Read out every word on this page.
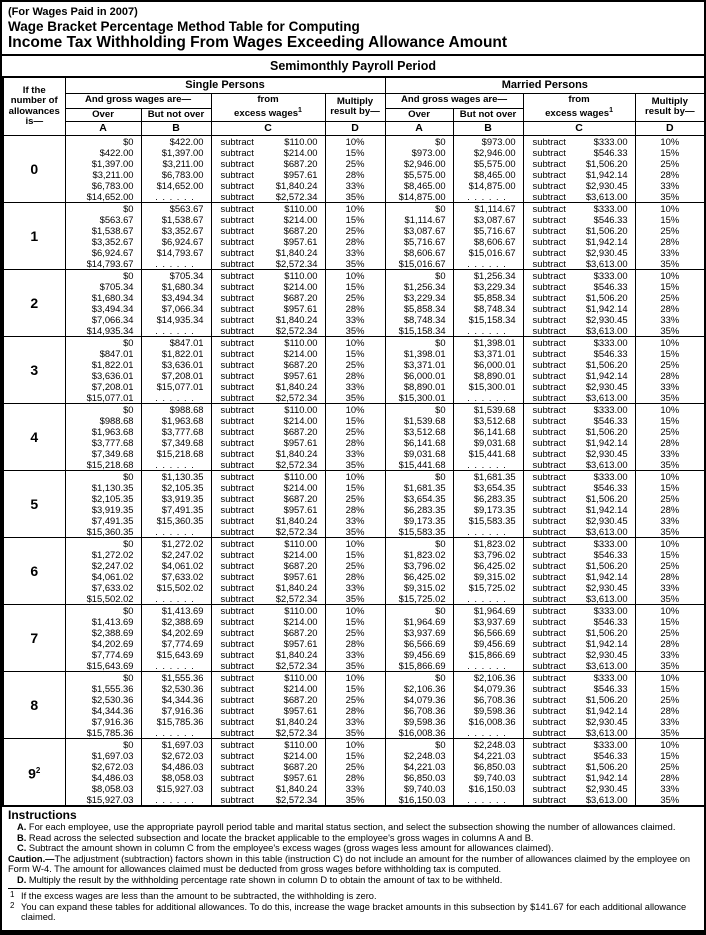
(For Wages Paid in 2007)
Wage Bracket Percentage Method Table for Computing
Income Tax Withholding From Wages Exceeding Allowance Amount
Semimonthly Payroll Period
If the number of allowances is—	Single Persons				Married Persons			
And gross wages are—	from
excess wages$^1$
	Multiply result by—	And gross wages are—	from
excess wages$^1$
	Multiply result by—
	Over	But not over			Over	But not over		
	A	B	C	D	A	B	C	D
0	$0	$422.00	subtract $110.00	10%	$0	$973.00	subtract $333.00	10%
	$422.00	$1,397.00	subtract $214.00	15%	$973.00	$2,946.00	subtract $546.33	15%
	$1,397.00	$3,211.00	subtract $687.20	25%	$2,946.00	$5,575.00	subtract $1,506.20	25%
	$3,211.00	$6,783.00	subtract $957.61	28%	$5,575.00	$8,465.00	subtract $1,942.14	28%
	$6,783.00	$14,652.00	subtract $1,840.24	33%	$8,465.00	$14,875.00	subtract $2,930.45	33%
	$14,652.00	. . . . . .	subtract $2,572.34	35%	$14,875.00	. . . . . .	subtract $3,613.00	35%
1	$0	$563.67	subtract $110.00	10%	$0	$1,114.67	subtract $333.00	10%
	$563.67	$1,538.67	subtract $214.00	15%	$1,114.67	$3,087.67	subtract $546.33	15%
	$1,538.67	$3,352.67	subtract $687.20	25%	$3,087.67	$5,716.67	subtract $1,506.20	25%
	$3,352.67	$6,924.67	subtract $957.61	28%	$5,716.67	$8,606.67	subtract $1,942.14	28%
	$6,924.67	$14,793.67	subtract $1,840.24	33%	$8,606.67	$15,016.67	subtract $2,930.45	33%
	$14,793.67	. . . . . .	subtract $2,572.34	35%	$15,016.67	. . . . . .	subtract $3,613.00	35%
2	$0	$705.34	subtract $110.00	10%	$0	$1,256.34	subtract $333.00	10%
	$705.34	$1,680.34	subtract $214.00	15%	$1,256.34	$3,229.34	subtract $546.33	15%
	$1,680.34	$3,494.34	subtract $687.20	25%	$3,229.34	$5,858.34	subtract $1,506.20	25%
	$3,494.34	$7,066.34	subtract $957.61	28%	$5,858.34	$8,748.34	subtract $1,942.14	28%
	$7,066.34	$14,935.34	subtract $1,840.24	33%	$8,748.34	$15,158.34	subtract $2,930.45	33%
	$14,935.34	. . . . . .	subtract $2,572.34	35%	$15,158.34	. . . . . .	subtract $3,613.00	35%
3	$0	$847.01	subtract $110.00	10%	$0	$1,398.01	subtract $333.00	10%
	$847.01	$1,822.01	subtract $214.00	15%	$1,398.01	$3,371.01	subtract $546.33	15%
	$1,822.01	$3,636.01	subtract $687.20	25%	$3,371.01	$6,000.01	subtract $1,506.20	25%
	$3,636.01	$7,208.01	subtract $957.61	28%	$6,000.01	$8,890.01	subtract $1,942.14	28%
	$7,208.01	$15,077.01	subtract $1,840.24	33%	$8,890.01	$15,300.01	subtract $2,930.45	33%
	$15,077.01	. . . . . .	subtract $2,572.34	35%	$15,300.01	. . . . . .	subtract $3,613.00	35%
4	$0	$988.68	subtract $110.00	10%	$0	$1,539.68	subtract $333.00	10%
	$988.68	$1,963.68	subtract $214.00	15%	$1,539.68	$3,512.68	subtract $546.33	15%
	$1,963.68	$3,777.68	subtract $687.20	25%	$3,512.68	$6,141.68	subtract $1,506.20	25%
	$3,777.68	$7,349.68	subtract $957.61	28%	$6,141.68	$9,031.68	subtract $1,942.14	28%
	$7,349.68	$15,218.68	subtract $1,840.24	33%	$9,031.68	$15,441.68	subtract $2,930.45	33%
	$15,218.68	. . . . . .	subtract $2,572.34	35%	$15,441.68	. . . . . .	subtract $3,613.00	35%
5	$0	$1,130.35	subtract $110.00	10%	$0	$1,681.35	subtract $333.00	10%
	$1,130.35	$2,105.35	subtract $214.00	15%	$1,681.35	$3,654.35	subtract $546.33	15%
	$2,105.35	$3,919.35	subtract $687.20	25%	$3,654.35	$6,283.35	subtract $1,506.20	25%
	$3,919.35	$7,491.35	subtract $957.61	28%	$6,283.35	$9,173.35	subtract $1,942.14	28%
	$7,491.35	$15,360.35	subtract $1,840.24	33%	$9,173.35	$15,583.35	subtract $2,930.45	33%
	$15,360.35	. . . . . .	subtract $2,572.34	35%	$15,583.35	. . . . . .	subtract $3,613.00	35%
6	$0	$1,272.02	subtract $110.00	10%	$0	$1,823.02	subtract $333.00	10%
	$1,272.02	$2,247.02	subtract $214.00	15%	$1,823.02	$3,796.02	subtract $546.33	15%
	$2,247.02	$4,061.02	subtract $687.20	25%	$3,796.02	$6,425.02	subtract $1,506.20	25%
	$4,061.02	$7,633.02	subtract $957.61	28%	$6,425.02	$9,315.02	subtract $1,942.14	28%
	$7,633.02	$15,502.02	subtract $1,840.24	33%	$9,315.02	$15,725.02	subtract $2,930.45	33%
	$15,502.02	. . . . . .	subtract $2,572.34	35%	$15,725.02	. . . . . .	subtract $3,613.00	35%
7	$0	$1,413.69	subtract $110.00	10%	$0	$1,964.69	subtract $333.00	10%
	$1,413.69	$2,388.69	subtract $214.00	15%	$1,964.69	$3,937.69	subtract $546.33	15%
	$2,388.69	$4,202.69	subtract $687.20	25%	$3,937.69	$6,566.69	subtract $1,506.20	25%
	$4,202.69	$7,774.69	subtract $957.61	28%	$6,566.69	$9,456.69	subtract $1,942.14	28%
	$7,774.69	$15,643.69	subtract $1,840.24	33%	$9,456.69	$15,866.69	subtract $2,930.45	33%
	$15,643.69	. . . . . .	subtract $2,572.34	35%	$15,866.69	. . . . . .	subtract $3,613.00	35%
8	$0	$1,555.36	subtract $110.00	10%	$0	$2,106.36	subtract $333.00	10%
	$1,555.36	$2,530.36	subtract $214.00	15%	$2,106.36	$4,079.36	subtract $546.33	15%
	$2,530.36	$4,344.36	subtract $687.20	25%	$4,079.36	$6,708.36	subtract $1,506.20	25%
	$4,344.36	$7,916.36	subtract $957.61	28%	$6,708.36	$9,598.36	subtract $1,942.14	28%
	$7,916.36	$15,785.36	subtract $1,840.24	33%	$9,598.36	$16,008.36	subtract $2,930.45	33%
	$15,785.36	. . . . . .	subtract $2,572.34	35%	$16,008.36	. . . . . .	subtract $3,613.00	35%
$9^2$	$0	$1,697.03	subtract $110.00	10%	$0	$2,248.03	subtract $333.00	10%
	$1,697.03	$2,672.03	subtract $214.00	15%	$2,248.03	$4,221.03	subtract $546.33	15%
	$2,672.03	$4,486.03	subtract $687.20	25%	$4,221.03	$6,850.03	subtract $1,506.20	25%
	$4,486.03	$8,058.03	subtract $957.61	28%	$6,850.03	$9,740.03	subtract $1,942.14	28%
	$8,058.03	$15,927.03	subtract $1,840.24	33%	$9,740.03	$16,150.03	subtract $2,930.45	33%
	$15,927.03	. . . . . .	subtract $2,572.34	35%	$16,150.03	. . . . . .	subtract $3,613.00	35%
Instructions

A. For each employee, use the appropriate payroll period table and marital status section, and select the subsection showing the number of allowances claimed.

B. Read across the selected subsection and locate the bracket applicable to the employee's gross wages in columns A and B.

C. Subtract the amount shown in column C from the employee's excess wages (gross wages less amount for allowances claimed).

Caution.—The adjustment (subtraction) factors shown in this table (instruction C) do not include an amount for the number of allowances claimed by the employee on Form W-4. The amount for allowances claimed must be deducted from gross wages before withholding tax is computed.

D. Multiply the result by the withholding percentage rate shown in column D to obtain the amount of tax to be withheld.

1 If the excess wages are less than the amount to be subtracted, the withholding is zero.
2 You can expand these tables for additional allowances. To do this, increase the wage bracket amounts in this subsection by $141.67 for each additional allowance claimed.
